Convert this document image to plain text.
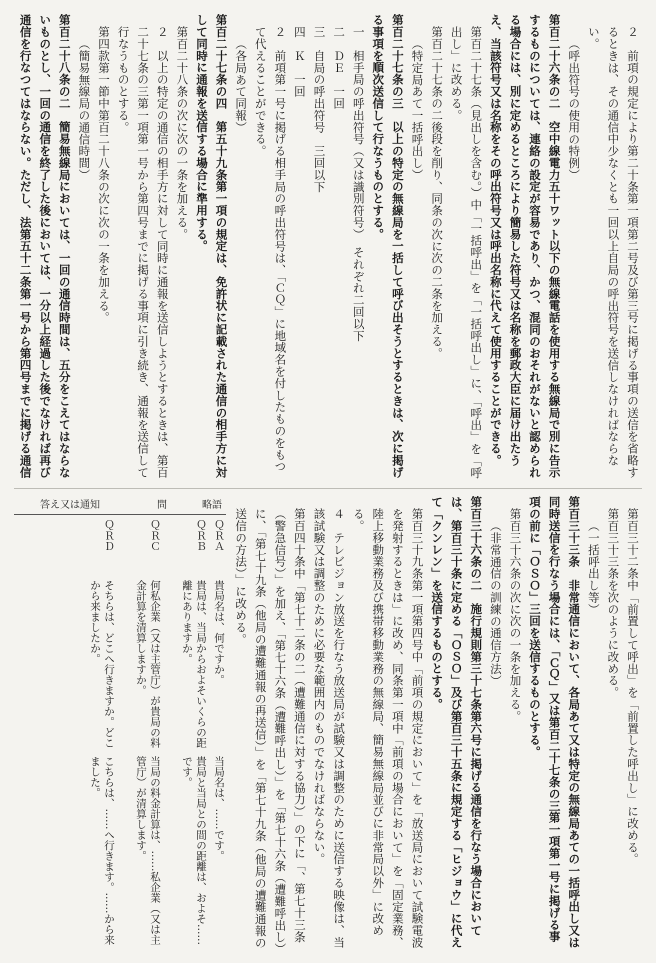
２　前項の規定により第二十条第一項第二号及び第三号に掲げる事項の送信を省略するときは、その通信中少なくとも一回以上自局の呼出符号を送信しなければならない。

（呼出符号の使用の特例）

第百二十六条の二　空中線電力五十ワット以下の無線電話を使用する無線局で別に告示するものについては、連絡の設定が容易であり、かつ、混同のおそれがないと認められる場合には、別に定めるところにより簡易した符号又は名称を郵政大臣に届け出たうえ、当該符号又は名称をその呼出符号又は呼出名称に代えて使用することができる。

第百二十七条（見出しを含む。）中「一括呼出」を「一括呼出し」に、「呼出」を「呼出し」に改める。

第百二十七条の二後段を削り、同条の次に次の二条を加える。

（特定局あて一括呼出し）

第百二十七条の三　以上の特定の無線局を一括して呼び出そうとするときは、次に掲げる事項を順次送信して行なうものとする。

一　相手局の呼出符号（又は識別符号）　それぞれ二回以下

二　ＤＥ　一回

三　自局の呼出符号　三回以下

四　Ｋ　一回

２　前項第一号に掲げる相手局の呼出符号は、「ＣＱ」に地域名を付したものをもつて代えることができる。

（各局あて同報）

第百二十七条の四　第五十九条第一項の規定は、免許状に記載された通信の相手方に対して同時に通報を送信する場合に準用する。

第百二十八条の次に次の一条を加える。

２　以上の特定の通信の相手方に対して同時に通報を送信しようとするときは、第百二十七条の三第一項第一号から第四号までに掲げる事項に引き続き、通報を送信して行なうものとする。

第四款第一節中第百二十八条の次に次の一条を加える。

（簡易無線局の通信時間）

第百二十八条の二　簡易無線局においては、一回の通信時間は、五分をこえてはならないものとし、一回の通信を終了した後においては、一分以上経過した後でなければ再び通信を行なつてはならない。ただし、法第五十二条第一号から第四号までに掲げる通信

第百三十二条中「前置して呼出」を「前置した呼出し」に改める。

第百三十三条を次のように改める。

（一括呼出し等）

第百三十三条　非常通信において、各局あて又は特定の無線局あての一括呼出し又は同時送信を行なう場合には、「ＣＱ」又は第百二十七条の三第一項第一号に掲げる事項の前に「ＯＳＯ」三回を送信するものとする。

第百三十六条の次に次の一条を加える。

（非常通信の訓練の通信方法）

第百三十六条の二　施行規則第三十七条第六号に掲げる通信を行なう場合においては、第百三十条に定める「ＯＳＯ」及び第百三十五条に規定する「ヒジョウ」に代えて「クンレン」を送信するものとする。

第百三十九条第一項第四号中「前項の規定において」を「放送局において試験電波を発射するときは」に改め、同条第一項中「前項の場合において」を「固定業務、陸上移動業務及び携帯移動業務の無線局、簡易無線局並びに非常局以外」に改める。

４　テレビジョン放送を行なう放送局が試験又は調整のために送信する映像は、当該試験又は調整のために必要な範囲内のものでなければならない。

第百四十条中「第七十二条の二（遭難通信に対する協力）」の下に「、第七十三条（警急信号）」を加え、「第七十六条（遭難呼出し）」を「第七十六条（遭難呼出し）に、「第七十九条（他局の遭難通報の再送信）」を「第七十九条（他局の遭難通報の送信の方法）」に改める。

答え又は通知	問	略語
ＱＲＡ
貴局名は、何ですか。
当局名は、……です。
ＱＲＢ
貴局は、当局からおよそいくらの距離にありますか。
貴局と当局との間の距離は、およそ……です。
ＱＲＣ
何私企業（又は主管庁）が貴局の料金計算を清算しますか。
当局の料金計算は、……私企業（又は主管庁）が清算します。
ＱＲＤ
そちらは、どこへ行きますか。どこから来ましたか。
こちらは、……へ行きます。……から来ました。
